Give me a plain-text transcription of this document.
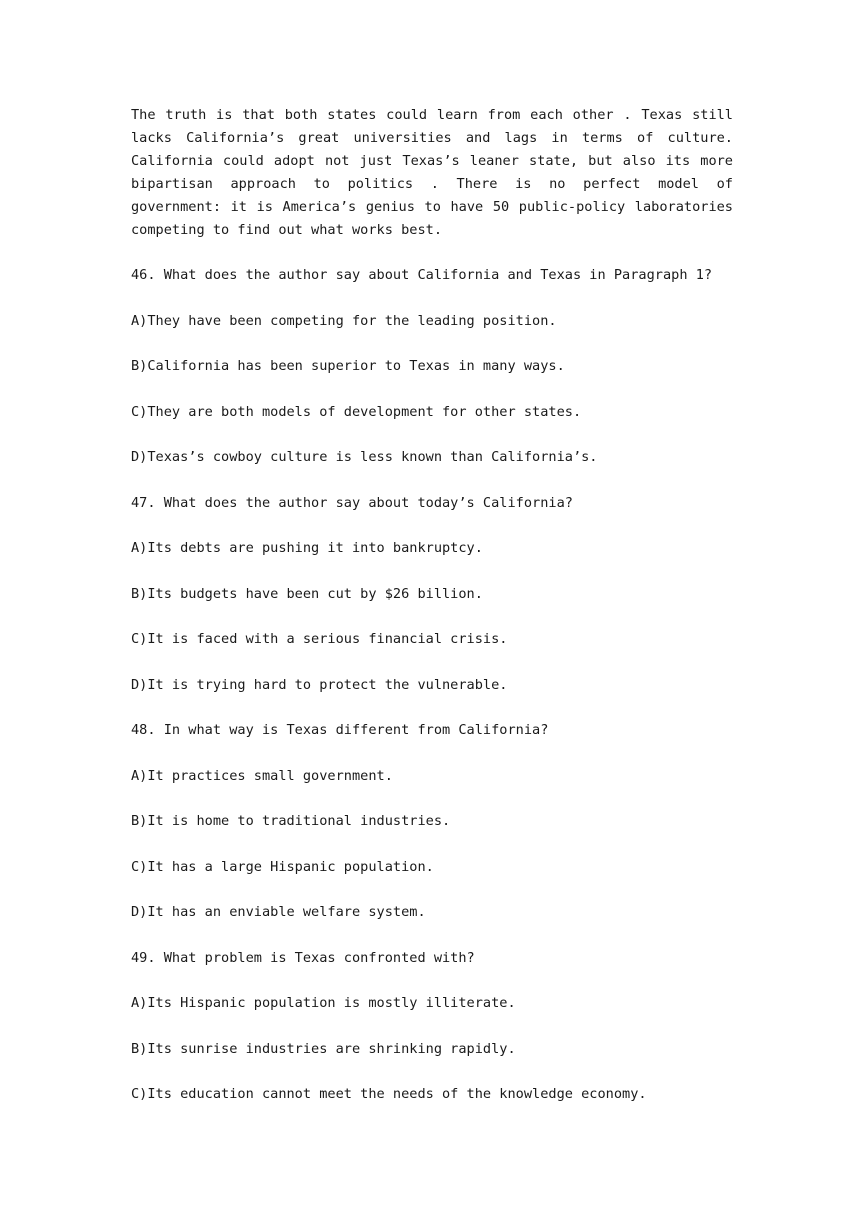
The truth is that both states could learn from each other . Texas still lacks California’s great universities and lags in terms of culture. California could adopt not just Texas’s leaner state, but also its more bipartisan approach to politics . There is no perfect model of government: it is America’s genius to have 50 public-policy laboratories competing to find out what works best.

46. What does the author say about California and Texas in Paragraph 1?

A)They have been competing for the leading position.

B)California has been superior to Texas in many ways.

C)They are both models of development for other states.

D)Texas’s cowboy culture is less known than California’s.

47. What does the author say about today’s California?

A)Its debts are pushing it into bankruptcy.

B)Its budgets have been cut by $26 billion.

C)It is faced with a serious financial crisis.

D)It is trying hard to protect the vulnerable.

48. In what way is Texas different from California?

A)It practices small government.

B)It is home to traditional industries.

C)It has a large Hispanic population.

D)It has an enviable welfare system.

49. What problem is Texas confronted with?

A)Its Hispanic population is mostly illiterate.

B)Its sunrise industries are shrinking rapidly.

C)Its education cannot meet the needs of the knowledge economy.
